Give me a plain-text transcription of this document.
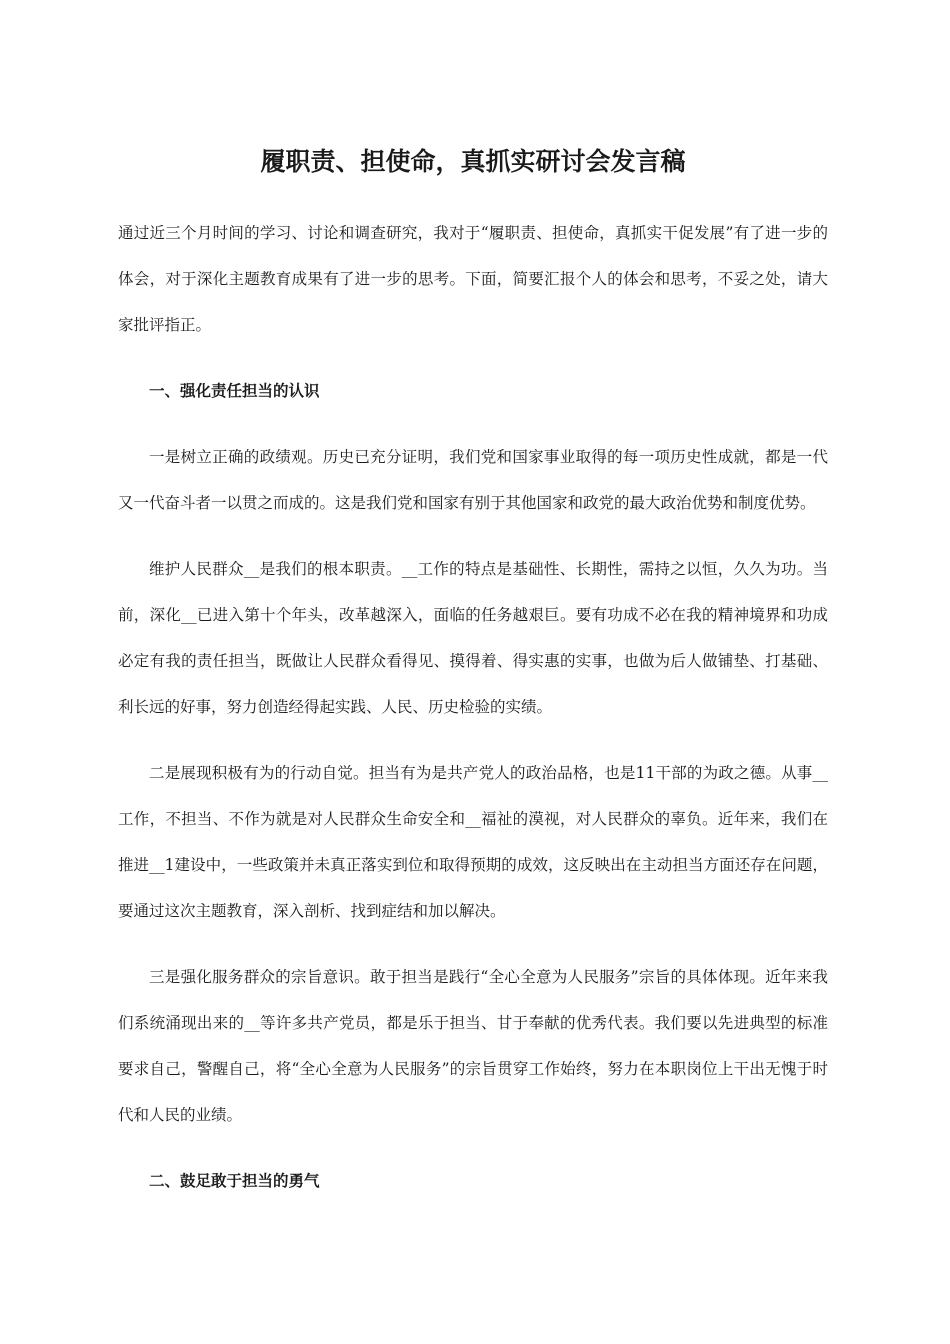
履职责、担使命，真抓实研讨会发言稿

通过近三个月时间的学习、讨论和调查研究，我对于“履职责、担使命，真抓实干促发展”有了进一步的体会，对于深化主题教育成果有了进一步的思考。下面，简要汇报个人的体会和思考，不妥之处，请大家批评指正。

一、强化责任担当的认识

一是树立正确的政绩观。历史已充分证明，我们党和国家事业取得的每一项历史性成就，都是一代又一代奋斗者一以贯之而成的。这是我们党和国家有别于其他国家和政党的最大政治优势和制度优势。

维护人民群众__是我们的根本职责。__工作的特点是基础性、长期性，需持之以恒，久久为功。当前，深化__已进入第十个年头，改革越深入，面临的任务越艰巨。要有功成不必在我的精神境界和功成必定有我的责任担当，既做让人民群众看得见、摸得着、得实惠的实事，也做为后人做铺垫、打基础、利长远的好事，努力创造经得起实践、人民、历史检验的实绩。

二是展现积极有为的行动自觉。担当有为是共产党人的政治品格，也是11干部的为政之德。从事__工作，不担当、不作为就是对人民群众生命安全和__福祉的漠视，对人民群众的辜负。近年来，我们在推进__1建设中，一些政策并未真正落实到位和取得预期的成效，这反映出在主动担当方面还存在问题，要通过这次主题教育，深入剖析、找到症结和加以解决。

三是强化服务群众的宗旨意识。敢于担当是践行“全心全意为人民服务”宗旨的具体体现。近年来我们系统涌现出来的__等许多共产党员，都是乐于担当、甘于奉献的优秀代表。我们要以先进典型的标准要求自己，警醒自己，将“全心全意为人民服务”的宗旨贯穿工作始终，努力在本职岗位上干出无愧于时代和人民的业绩。

二、鼓足敢于担当的勇气
